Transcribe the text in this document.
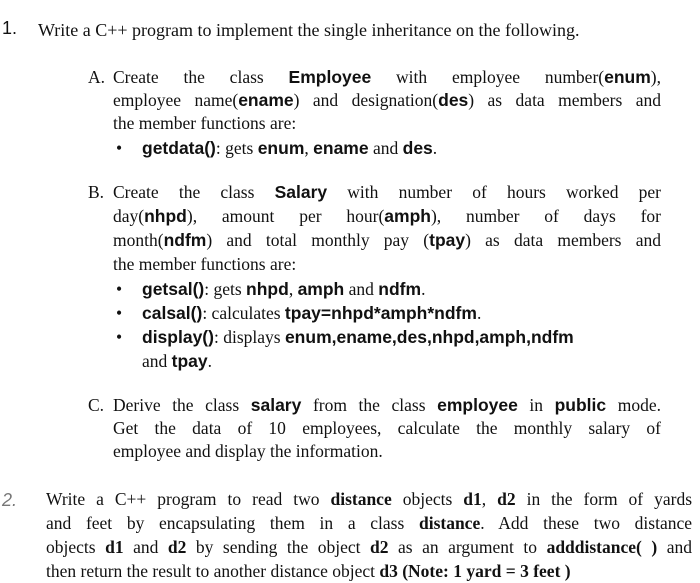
1. Write a C++ program to implement the single inheritance on the following.
A. Create the class Employee with employee number(enum),
employee name(ename) and designation(des) as data members and
the member functions are:
• getdata(): gets enum, ename and des.
B. Create the class Salary with number of hours worked per
day(nhpd), amount per hour(amph), number of days for
month(ndfm) and total monthly pay (tpay) as data members and
the member functions are:
• getsal(): gets nhpd, amph and ndfm.
• calsal(): calculates tpay=nhpd*amph*ndfm.
• display(): displays enum,ename,des,nhpd,amph,ndfm
and tpay.
C. Derive the class salary from the class employee in public mode.
Get the data of 10 employees, calculate the monthly salary of
employee and display the information.
2. Write a C++ program to read two distance objects d1, d2 in the form of yards
and feet by encapsulating them in a class distance. Add these two distance
objects d1 and d2 by sending the object d2 as an argument to adddistance( ) and
then return the result to another distance object d3 (Note: 1 yard = 3 feet )
